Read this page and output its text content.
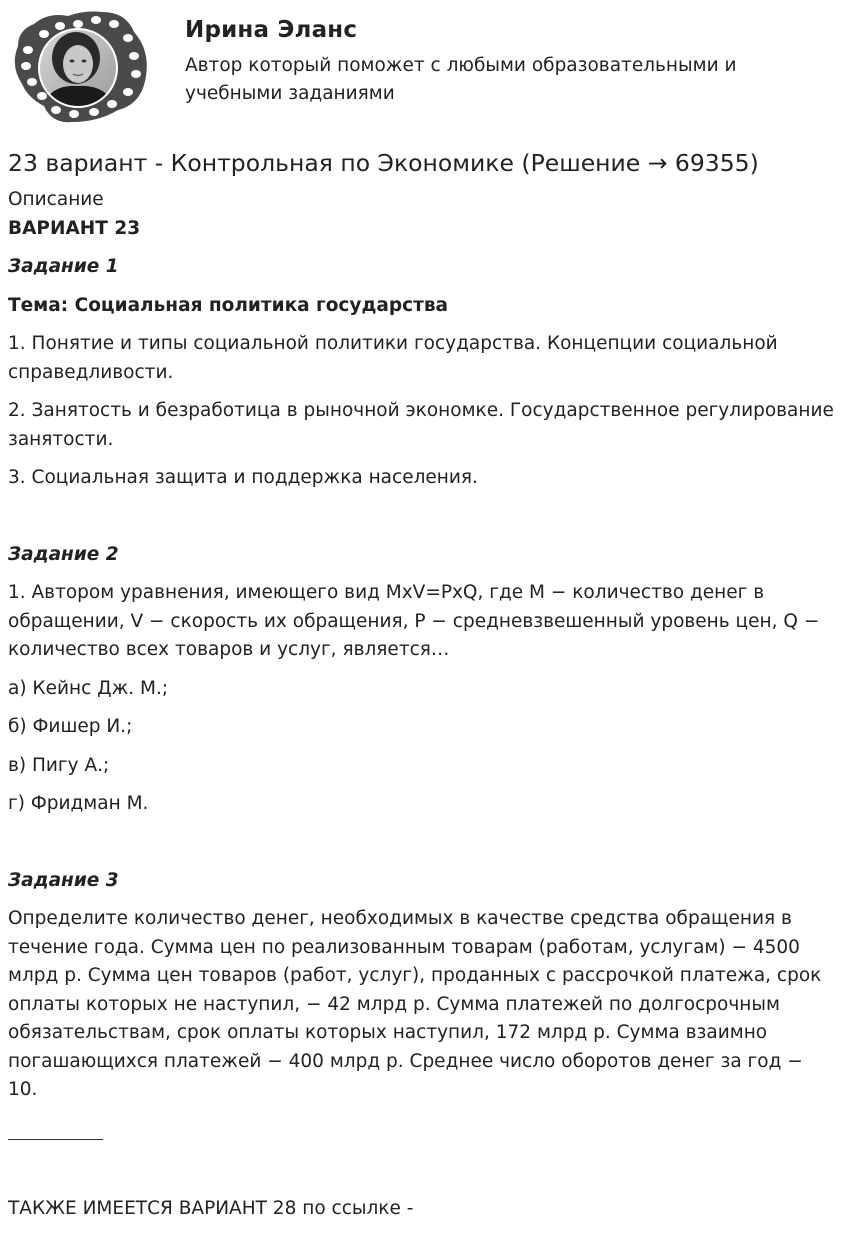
Ирина Эланс

Автор который поможет с любыми образовательными и учебными заданиями

23 вариант - Контрольная по Экономике (Решение → 69355)

Описание

ВАРИАНТ 23

Задание 1

Тема: Социальная политика государства

1. Понятие и типы социальной политики государства. Концепции социальной справедливости.

2. Занятость и безработица в рыночной экономке. Государственное регулирование занятости.

3. Социальная защита и поддержка населения.

Задание 2

1. Автором уравнения, имеющего вид MxV=PxQ, где M − количество денег в обращении, V − скорость их обращения, P − средневзвешенный уровень цен, Q − количество всех товаров и услуг, является…

а) Кейнс Дж. М.;

б) Фишер И.;

в) Пигу А.;

г) Фридман М.

Задание 3

Определите количество денег, необходимых в качестве средства обращения в течение года. Сумма цен по реализованным товарам (работам, услугам) − 4500 млрд р. Сумма цен товаров (работ, услуг), проданных с рассрочкой платежа, срок оплаты которых не наступил, − 42 млрд р. Сумма платежей по долгосрочным обязательствам, срок оплаты которых наступил, 172 млрд р. Сумма взаимно погашающихся платежей − 400 млрд р. Среднее число оборотов денег за год − 10.

ТАКЖЕ ИМЕЕТСЯ ВАРИАНТ 28 по ссылке -
